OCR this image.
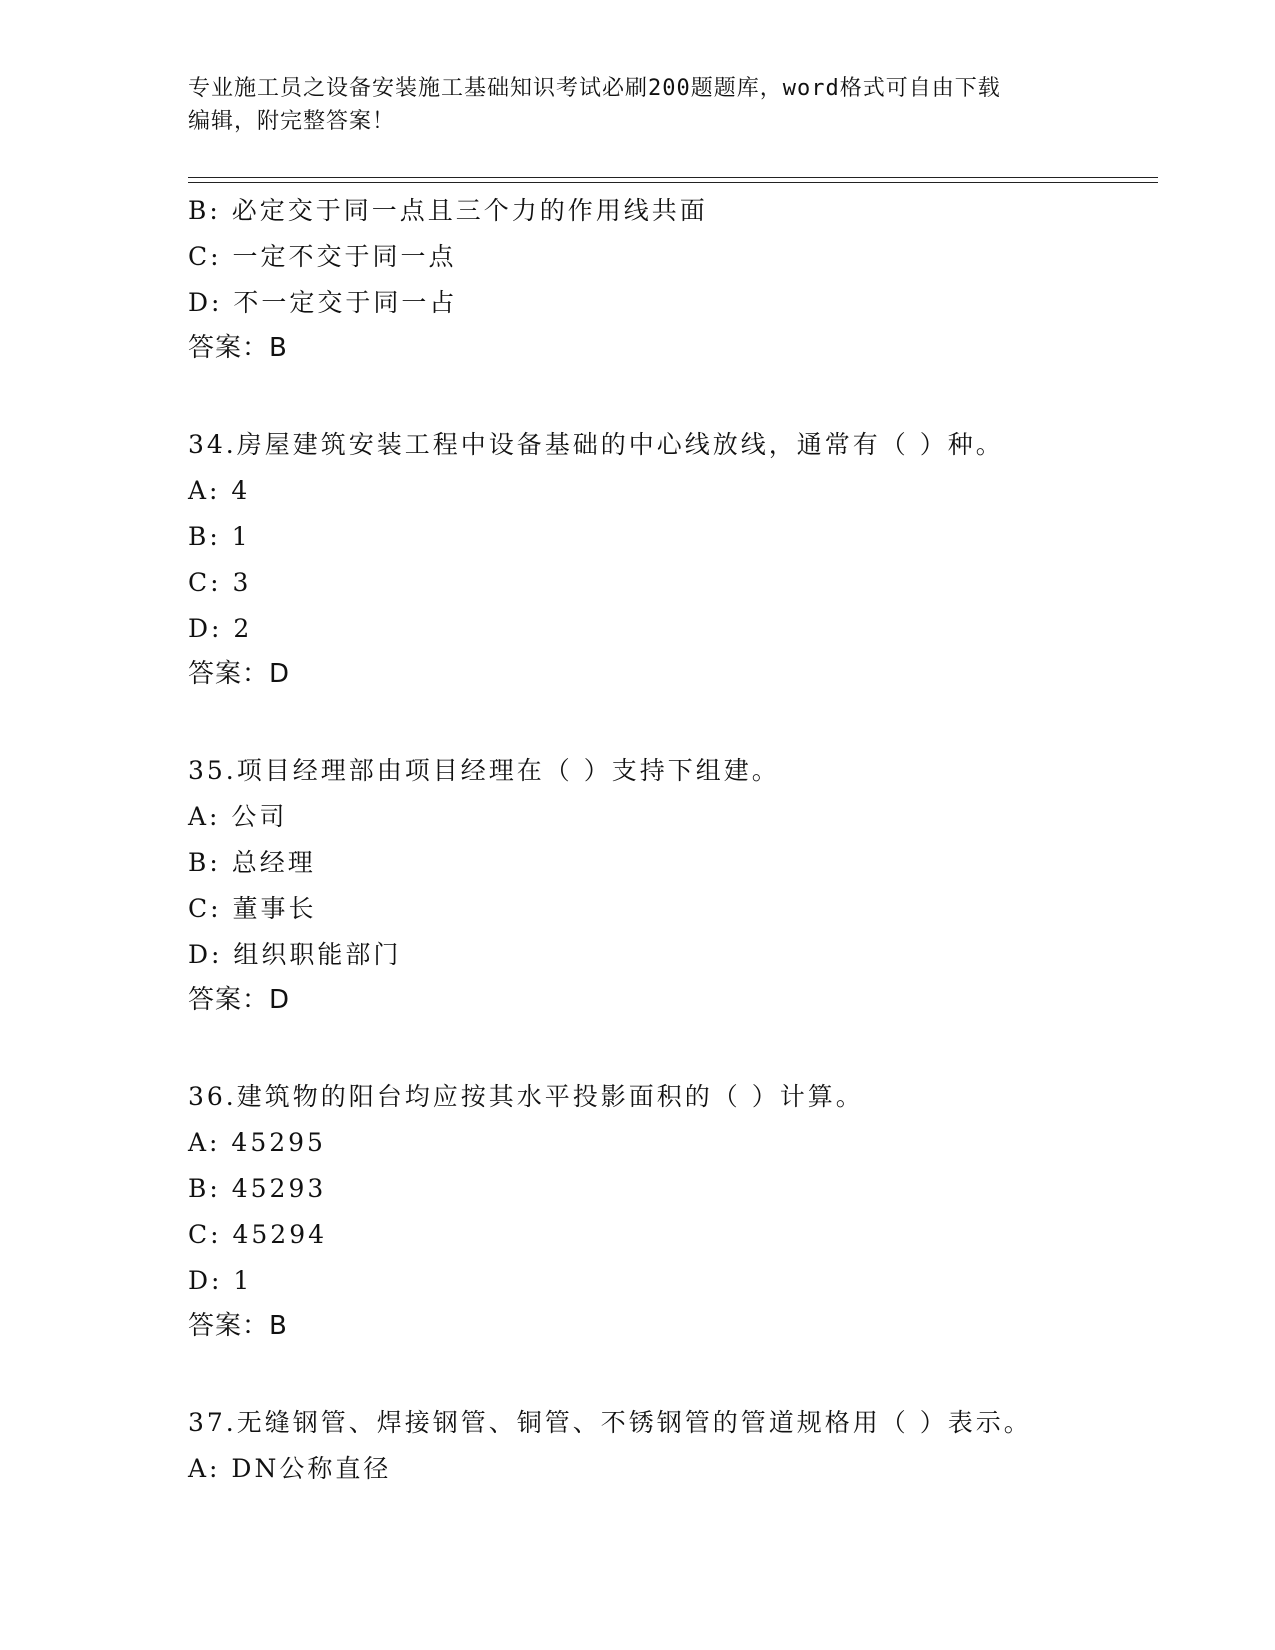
专业施工员之设备安装施工基础知识考试必刷200题题库，word格式可自由下载
编辑，附完整答案！
B: 必定交于同一点且三个力的作用线共面
C: 一定不交于同一点
D: 不一定交于同一占
答案：B
34.房屋建筑安装工程中设备基础的中心线放线，通常有（ ）种。
A: 4
B: 1
C: 3
D: 2
答案：D
35.项目经理部由项目经理在（ ）支持下组建。
A: 公司
B: 总经理
C: 董事长
D: 组织职能部门
答案：D
36.建筑物的阳台均应按其水平投影面积的（ ）计算。
A: 45295
B: 45293
C: 45294
D: 1
答案：B
37.无缝钢管、焊接钢管、铜管、不锈钢管的管道规格用（ ）表示。
A: DN公称直径
